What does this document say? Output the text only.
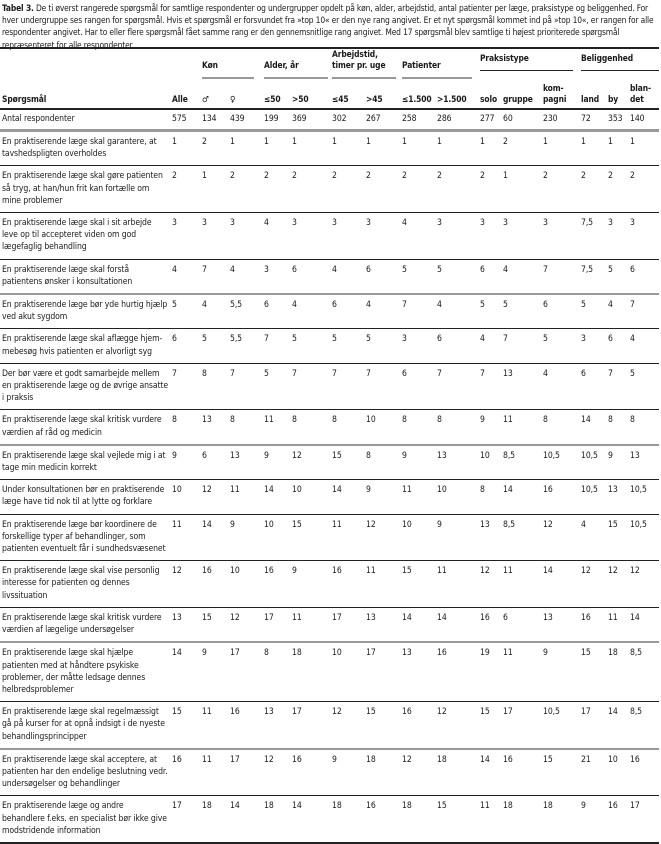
Tabel 3. De ti øverst rangerede spørgsmål for samtlige respondenter og undergrupper opdelt på køn, alder, arbejdstid, antal patienter per læge, praksistype og beliggenhed. For hver undergruppe ses rangen for spørgsmål. Hvis et spørgsmål er forsvundet fra »top 10« er den nye rang angivet. Er et nyt spørgsmål kommet ind på »top 10«, er rangen for alle respondenter angivet. Har to eller flere spørgsmål fået samme rang er den gennemsnitlige rang angivet. Med 17 spørgsmål blev samtlige ti højest prioriterede spørgsmål repræsenteret for alle respondenter.

		Køn		Alder, år		Arbejdstid,
timer pr. uge		Patienter		Praksistype			Beliggenhed		

Spørgsmål	Alle	♂	♀	≤50	>50	≤45	>45	≤1.500	>1.500	solo	gruppe	kom-
pagni	land	by	blan-
det
Antal respondenter	575	134	439	199	369	302	267	258	286	277	60	230	72	353	140
En praktiserende læge skal garantere, at tavshedspligten overholdes	1	2	1	1	1	1	1	1	1	1	2	1	1	1	1
En praktiserende læge skal gøre patienten så tryg, at han/hun frit kan fortælle om mine problemer	2	1	2	2	2	2	2	2	2	2	1	2	2	2	2
En praktiserende læge skal i sit arbejde leve op til accepteret viden om god lægefaglig behandling	3	3	3	4	3	3	3	4	3	3	3	3	7,5	3	3
En praktiserende læge skal forstå patientens ønsker i konsultationen	4	7	4	3	6	4	6	5	5	6	4	7	7,5	5	6
En praktiserende læge bør yde hurtig hjælp ved akut sygdom	5	4	5,5	6	4	6	4	7	4	5	5	6	5	4	7
En praktiserende læge skal aflægge hjem-mebesøg hvis patienten er alvorligt syg	6	5	5,5	7	5	5	5	3	6	4	7	5	3	6	4
Der bør være et godt samarbejde mellem en praktiserende læge og de øvrige ansatte i praksis	7	8	7	5	7	7	7	6	7	7	13	4	6	7	5
En praktiserende læge skal kritisk vurdere værdien af råd og medicin	8	13	8	11	8	8	10	8	8	9	11	8	14	8	8
En praktiserende læge skal vejlede mig i at tage min medicin korrekt	9	6	13	9	12	15	8	9	13	10	8,5	10,5	10,5	9	13
Under konsultationen bør en praktiserende læge have tid nok til at lytte og forklare	10	12	11	14	10	14	9	11	10	8	14	16	10,5	13	10,5
En praktiserende læge bør koordinere de forskellige typer af behandlinger, som patienten eventuelt får i sundhedsvæsenet	11	14	9	10	15	11	12	10	9	13	8,5	12	4	15	10,5
En praktiserende læge skal vise personlig interesse for patienten og dennes livssituation	12	16	10	16	9	16	11	15	11	12	11	14	12	12	12
En praktiserende læge skal kritisk vurdere værdien af lægelige undersøgelser	13	15	12	17	11	17	13	14	14	16	6	13	16	11	14
En praktiserende læge skal hjælpe patienten med at håndtere psykiske problemer, der måtte ledsage dennes helbredsproblemer	14	9	17	8	18	10	17	13	16	19	11	9	15	18	8,5
En praktiserende læge skal regelmæssigt gå på kurser for at opnå indsigt i de nyeste behandlingsprincipper	15	11	16	13	17	12	15	16	12	15	17	10,5	17	14	8,5
En praktiserende læge skal acceptere, at patienten har den endelige beslutning vedr. undersøgelser og behandlinger	16	11	17	12	16	9	18	12	18	14	16	15	21	10	16
En praktiserende læge og andre behandlere f.eks. en specialist bør ikke give modstridende information	17	18	14	18	14	18	16	18	15	11	18	18	9	16	17
